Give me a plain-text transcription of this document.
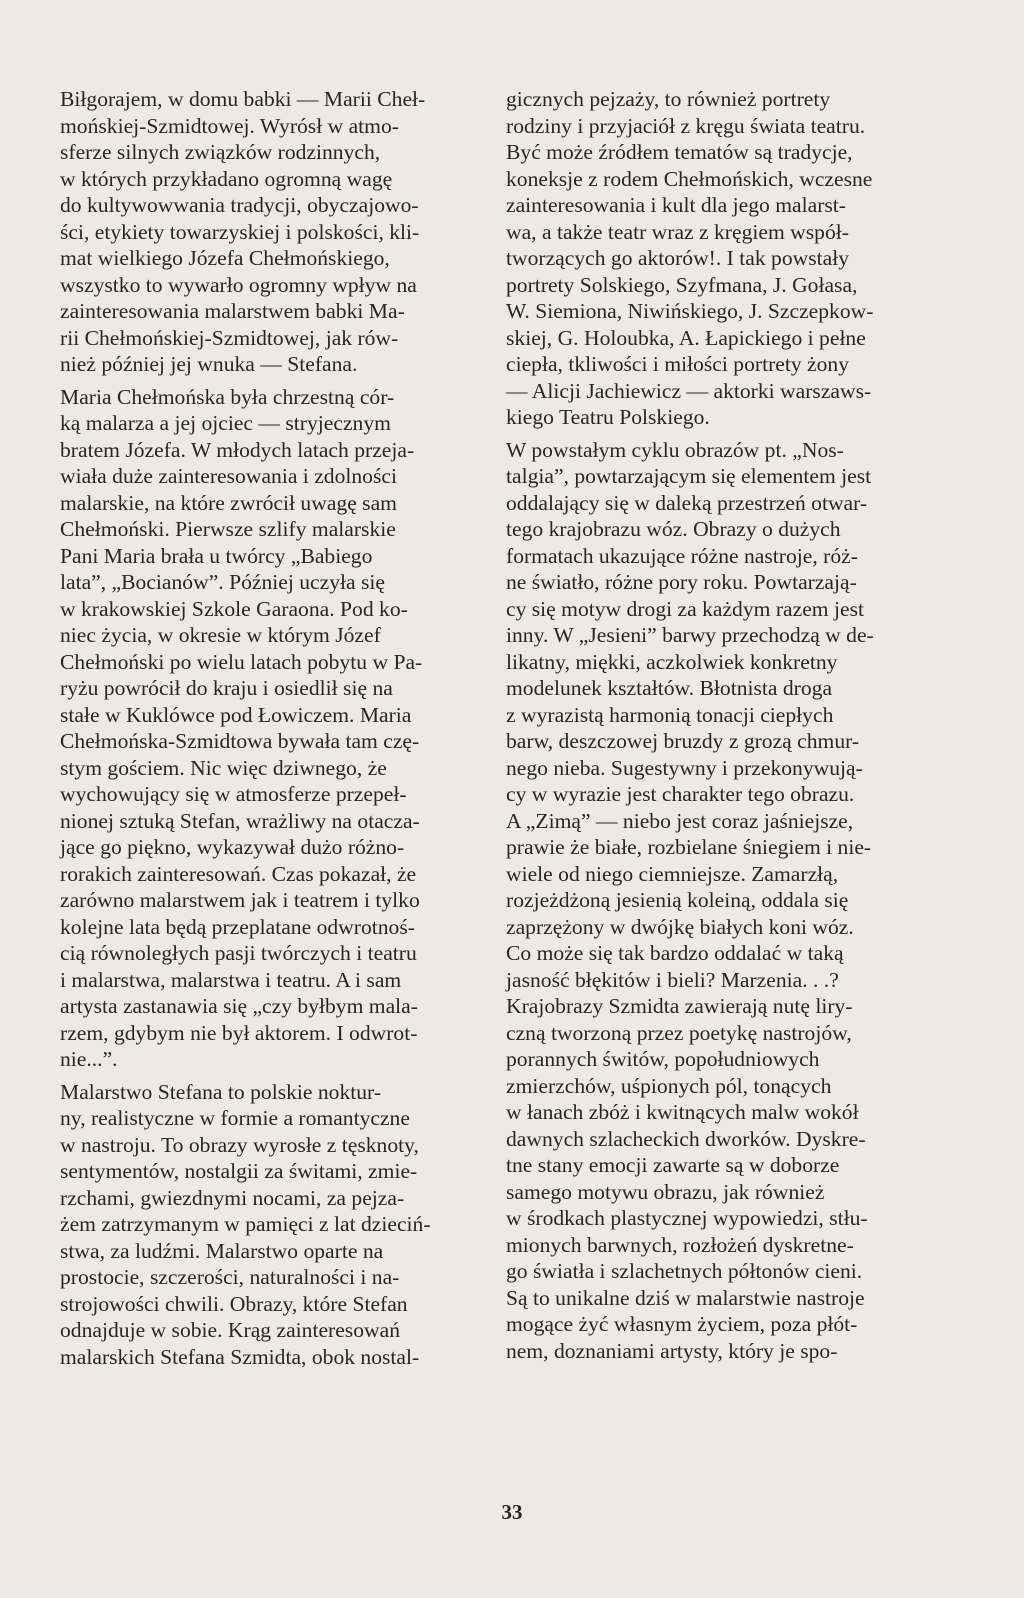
Biłgorajem, w domu babki — Marii Cheł-
mońskiej-Szmidtowej. Wyrósł w atmo-
sferze silnych związków rodzinnych,
w których przykładano ogromną wagę
do kultywowwania tradycji, obyczajowo-
ści, etykiety towarzyskiej i polskości, kli-
mat wielkiego Józefa Chełmońskiego,
wszystko to wywarło ogromny wpływ na
zainteresowania malarstwem babki Ma-
rii Chełmońskiej-Szmidtowej, jak rów-
nież później jej wnuka — Stefana.
Maria Chełmońska była chrzestną cór-
ką malarza a jej ojciec — stryjecznym
bratem Józefa. W młodych latach przeja-
wiała duże zainteresowania i zdolności
malarskie, na które zwrócił uwagę sam
Chełmoński. Pierwsze szlify malarskie
Pani Maria brała u twórcy „Babiego
lata”, „Bocianów”. Później uczyła się
w krakowskiej Szkole Garaona. Pod ko-
niec życia, w okresie w którym Józef
Chełmoński po wielu latach pobytu w Pa-
ryżu powrócił do kraju i osiedlił się na
stałe w Kuklówce pod Łowiczem. Maria
Chełmońska-Szmidtowa bywała tam czę-
stym gościem. Nic więc dziwnego, że
wychowujący się w atmosferze przepeł-
nionej sztuką Stefan, wrażliwy na otacza-
jące go piękno, wykazywał dużo różno-
rorakich zainteresowań. Czas pokazał, że
zarówno malarstwem jak i teatrem i tylko
kolejne lata będą przeplatane odwrotnoś-
cią równoległych pasji twórczych i teatru
i malarstwa, malarstwa i teatru. A i sam
artysta zastanawia się „czy byłbym mala-
rzem, gdybym nie był aktorem. I odwrot-
nie...”.
Malarstwo Stefana to polskie noktur-
ny, realistyczne w formie a romantyczne
w nastroju. To obrazy wyrosłe z tęsknoty,
sentymentów, nostalgii za świtami, zmie-
rzchami, gwiezdnymi nocami, za pejza-
żem zatrzymanym w pamięci z lat dzieciń-
stwa, za ludźmi. Malarstwo oparte na
prostocie, szczerości, naturalności i na-
strojowości chwili. Obrazy, które Stefan
odnajduje w sobie. Krąg zainteresowań
malarskich Stefana Szmidta, obok nostal-
gicznych pejzaży, to również portrety
rodziny i przyjaciół z kręgu świata teatru.
Być może źródłem tematów są tradycje,
koneksje z rodem Chełmońskich, wczesne
zainteresowania i kult dla jego malarst-
wa, a także teatr wraz z kręgiem współ-
tworzących go aktorów!. I tak powstały
portrety Solskiego, Szyfmana, J. Gołasa,
W. Siemiona, Niwińskiego, J. Szczepkow-
skiej, G. Holoubka, A. Łapickiego i pełne
ciepła, tkliwości i miłości portrety żony
— Alicji Jachiewicz — aktorki warszaws-
kiego Teatru Polskiego.
W powstałym cyklu obrazów pt. „Nos-
talgia”, powtarzającym się elementem jest
oddalający się w daleką przestrzeń otwar-
tego krajobrazu wóz. Obrazy o dużych
formatach ukazujące różne nastroje, róż-
ne światło, różne pory roku. Powtarzają-
cy się motyw drogi za każdym razem jest
inny. W „Jesieni” barwy przechodzą w de-
likatny, miękki, aczkolwiek konkretny
modelunek kształtów. Błotnista droga
z wyrazistą harmonią tonacji ciepłych
barw, deszczowej bruzdy z grozą chmur-
nego nieba. Sugestywny i przekonywują-
cy w wyrazie jest charakter tego obrazu.
A „Zimą” — niebo jest coraz jaśniejsze,
prawie że białe, rozbielane śniegiem i nie-
wiele od niego ciemniejsze. Zamarzłą,
rozjeżdżoną jesienią koleiną, oddala się
zaprzężony w dwójkę białych koni wóz.
Co może się tak bardzo oddalać w taką
jasność błękitów i bieli? Marzenia. . .?
Krajobrazy Szmidta zawierają nutę liry-
czną tworzoną przez poetykę nastrojów,
porannych świtów, popołudniowych
zmierzchów, uśpionych pól, tonących
w łanach zbóż i kwitnących malw wokół
dawnych szlacheckich dworków. Dyskre-
tne stany emocji zawarte są w doborze
samego motywu obrazu, jak również
w środkach plastycznej wypowiedzi, stłu-
mionych barwnych, rozłożeń dyskretne-
go światła i szlachetnych półtonów cieni.
Są to unikalne dziś w malarstwie nastroje
mogące żyć własnym życiem, poza płót-
nem, doznaniami artysty, który je spo-
33
